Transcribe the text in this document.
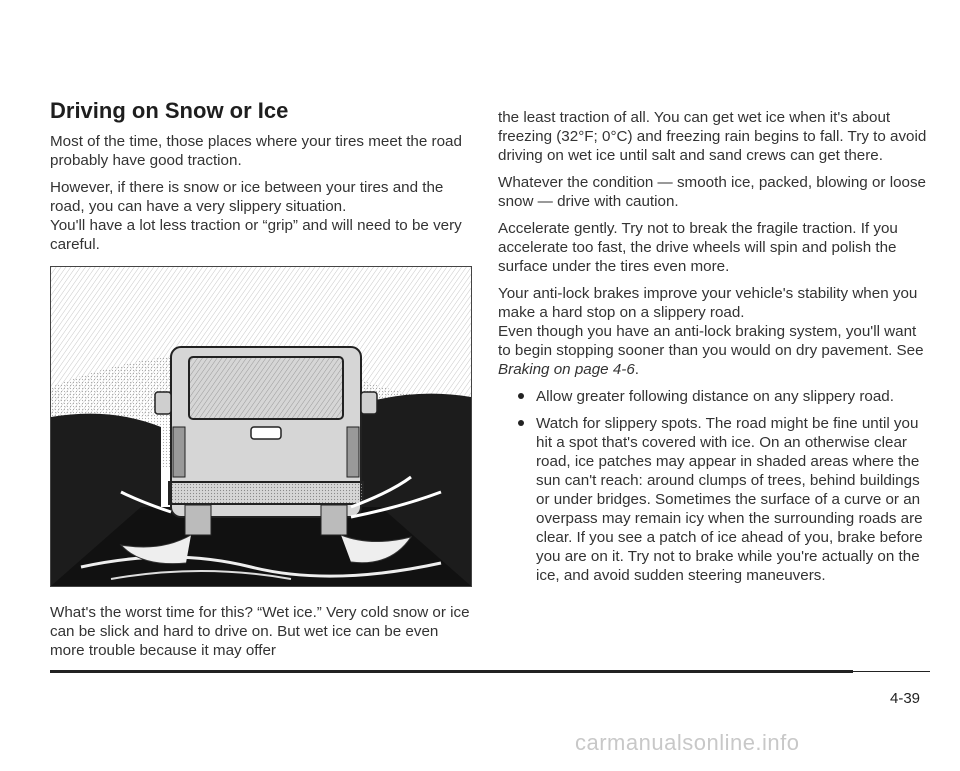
Driving on Snow or Ice

Most of the time, those places where your tires meet the road probably have good traction.

However, if there is snow or ice between your tires and the road, you can have a very slippery situation.

You'll have a lot less traction or “grip” and will need to be very careful.

What's the worst time for this? “Wet ice.” Very cold snow or ice can be slick and hard to drive on. But wet ice can be even more trouble because it may offer

the least traction of all. You can get wet ice when it's about freezing (32°F; 0°C) and freezing rain begins to fall. Try to avoid driving on wet ice until salt and sand crews can get there.

Whatever the condition — smooth ice, packed, blowing or loose snow — drive with caution.

Accelerate gently. Try not to break the fragile traction. If you accelerate too fast, the drive wheels will spin and polish the surface under the tires even more.

Your anti-lock brakes improve your vehicle's stability when you make a hard stop on a slippery road.

Even though you have an anti-lock braking system, you'll want to begin stopping sooner than you would on dry pavement. See Braking on page 4-6.

Allow greater following distance on any slippery road.
Watch for slippery spots. The road might be fine until you hit a spot that's covered with ice. On an otherwise clear road, ice patches may appear in shaded areas where the sun can't reach: around clumps of trees, behind buildings or under bridges. Sometimes the surface of a curve or an overpass may remain icy when the surrounding roads are clear. If you see a patch of ice ahead of you, brake before you are on it. Try not to brake while you're actually on the ice, and avoid sudden steering maneuvers.
4-39
carmanualsonline.info
